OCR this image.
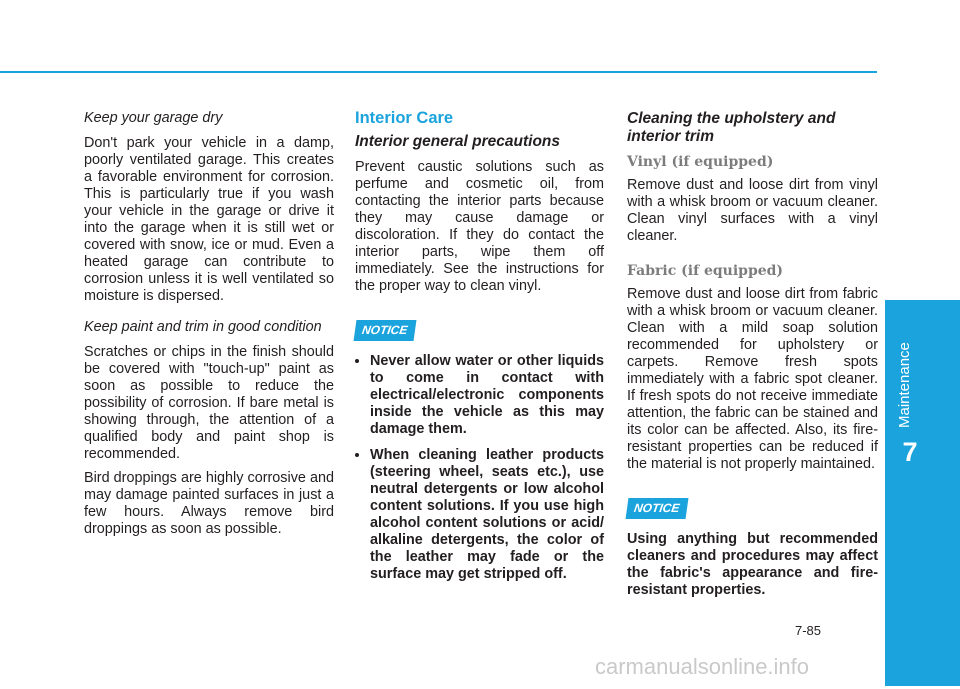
Keep your garage dry

Don't park your vehicle in a damp, poorly ventilated garage. This creates a favorable environment for corrosion. This is particularly true if you wash your vehicle in the garage or drive it into the garage when it is still wet or covered with snow, ice or mud. Even a heated garage can contribute to corrosion unless it is well ventilated so moisture is dispersed.

Keep paint and trim in good condition

Scratches or chips in the finish should be covered with "touch-up" paint as soon as possible to reduce the possibility of corrosion. If bare metal is showing through, the attention of a qualified body and paint shop is recommended.

Bird droppings are highly corrosive and may damage painted surfaces in just a few hours. Always remove bird droppings as soon as possible.

Interior Care
Interior general precautions

Prevent caustic solutions such as perfume and cosmetic oil, from contacting the interior parts because they may cause damage or discoloration. If they do contact the interior parts, wipe them off immediately. See the instructions for the proper way to clean vinyl.

NOTICE
• Never allow water or other liquids to come in contact with electrical/electronic components inside the vehicle as this may damage them.
• When cleaning leather products (steering wheel, seats etc.), use neutral detergents or low alcohol content solutions. If you use high alcohol content solutions or acid/ alkaline detergents, the color of the leather may fade or the surface may get stripped off.
Cleaning the upholstery and interior trim
Vinyl (if equipped)

Remove dust and loose dirt from vinyl with a whisk broom or vacuum cleaner. Clean vinyl surfaces with a vinyl cleaner.

Fabric (if equipped)

Remove dust and loose dirt from fabric with a whisk broom or vacuum cleaner. Clean with a mild soap solution recommended for upholstery or carpets. Remove fresh spots immediately with a fabric spot cleaner. If fresh spots do not receive immediate attention, the fabric can be stained and its color can be affected. Also, its fire-resistant properties can be reduced if the material is not properly maintained.

NOTICE

Using anything but recommended cleaners and procedures may affect the fabric's appearance and fire-resistant properties.

Maintenance
7
7-85
carmanualsonline.info
